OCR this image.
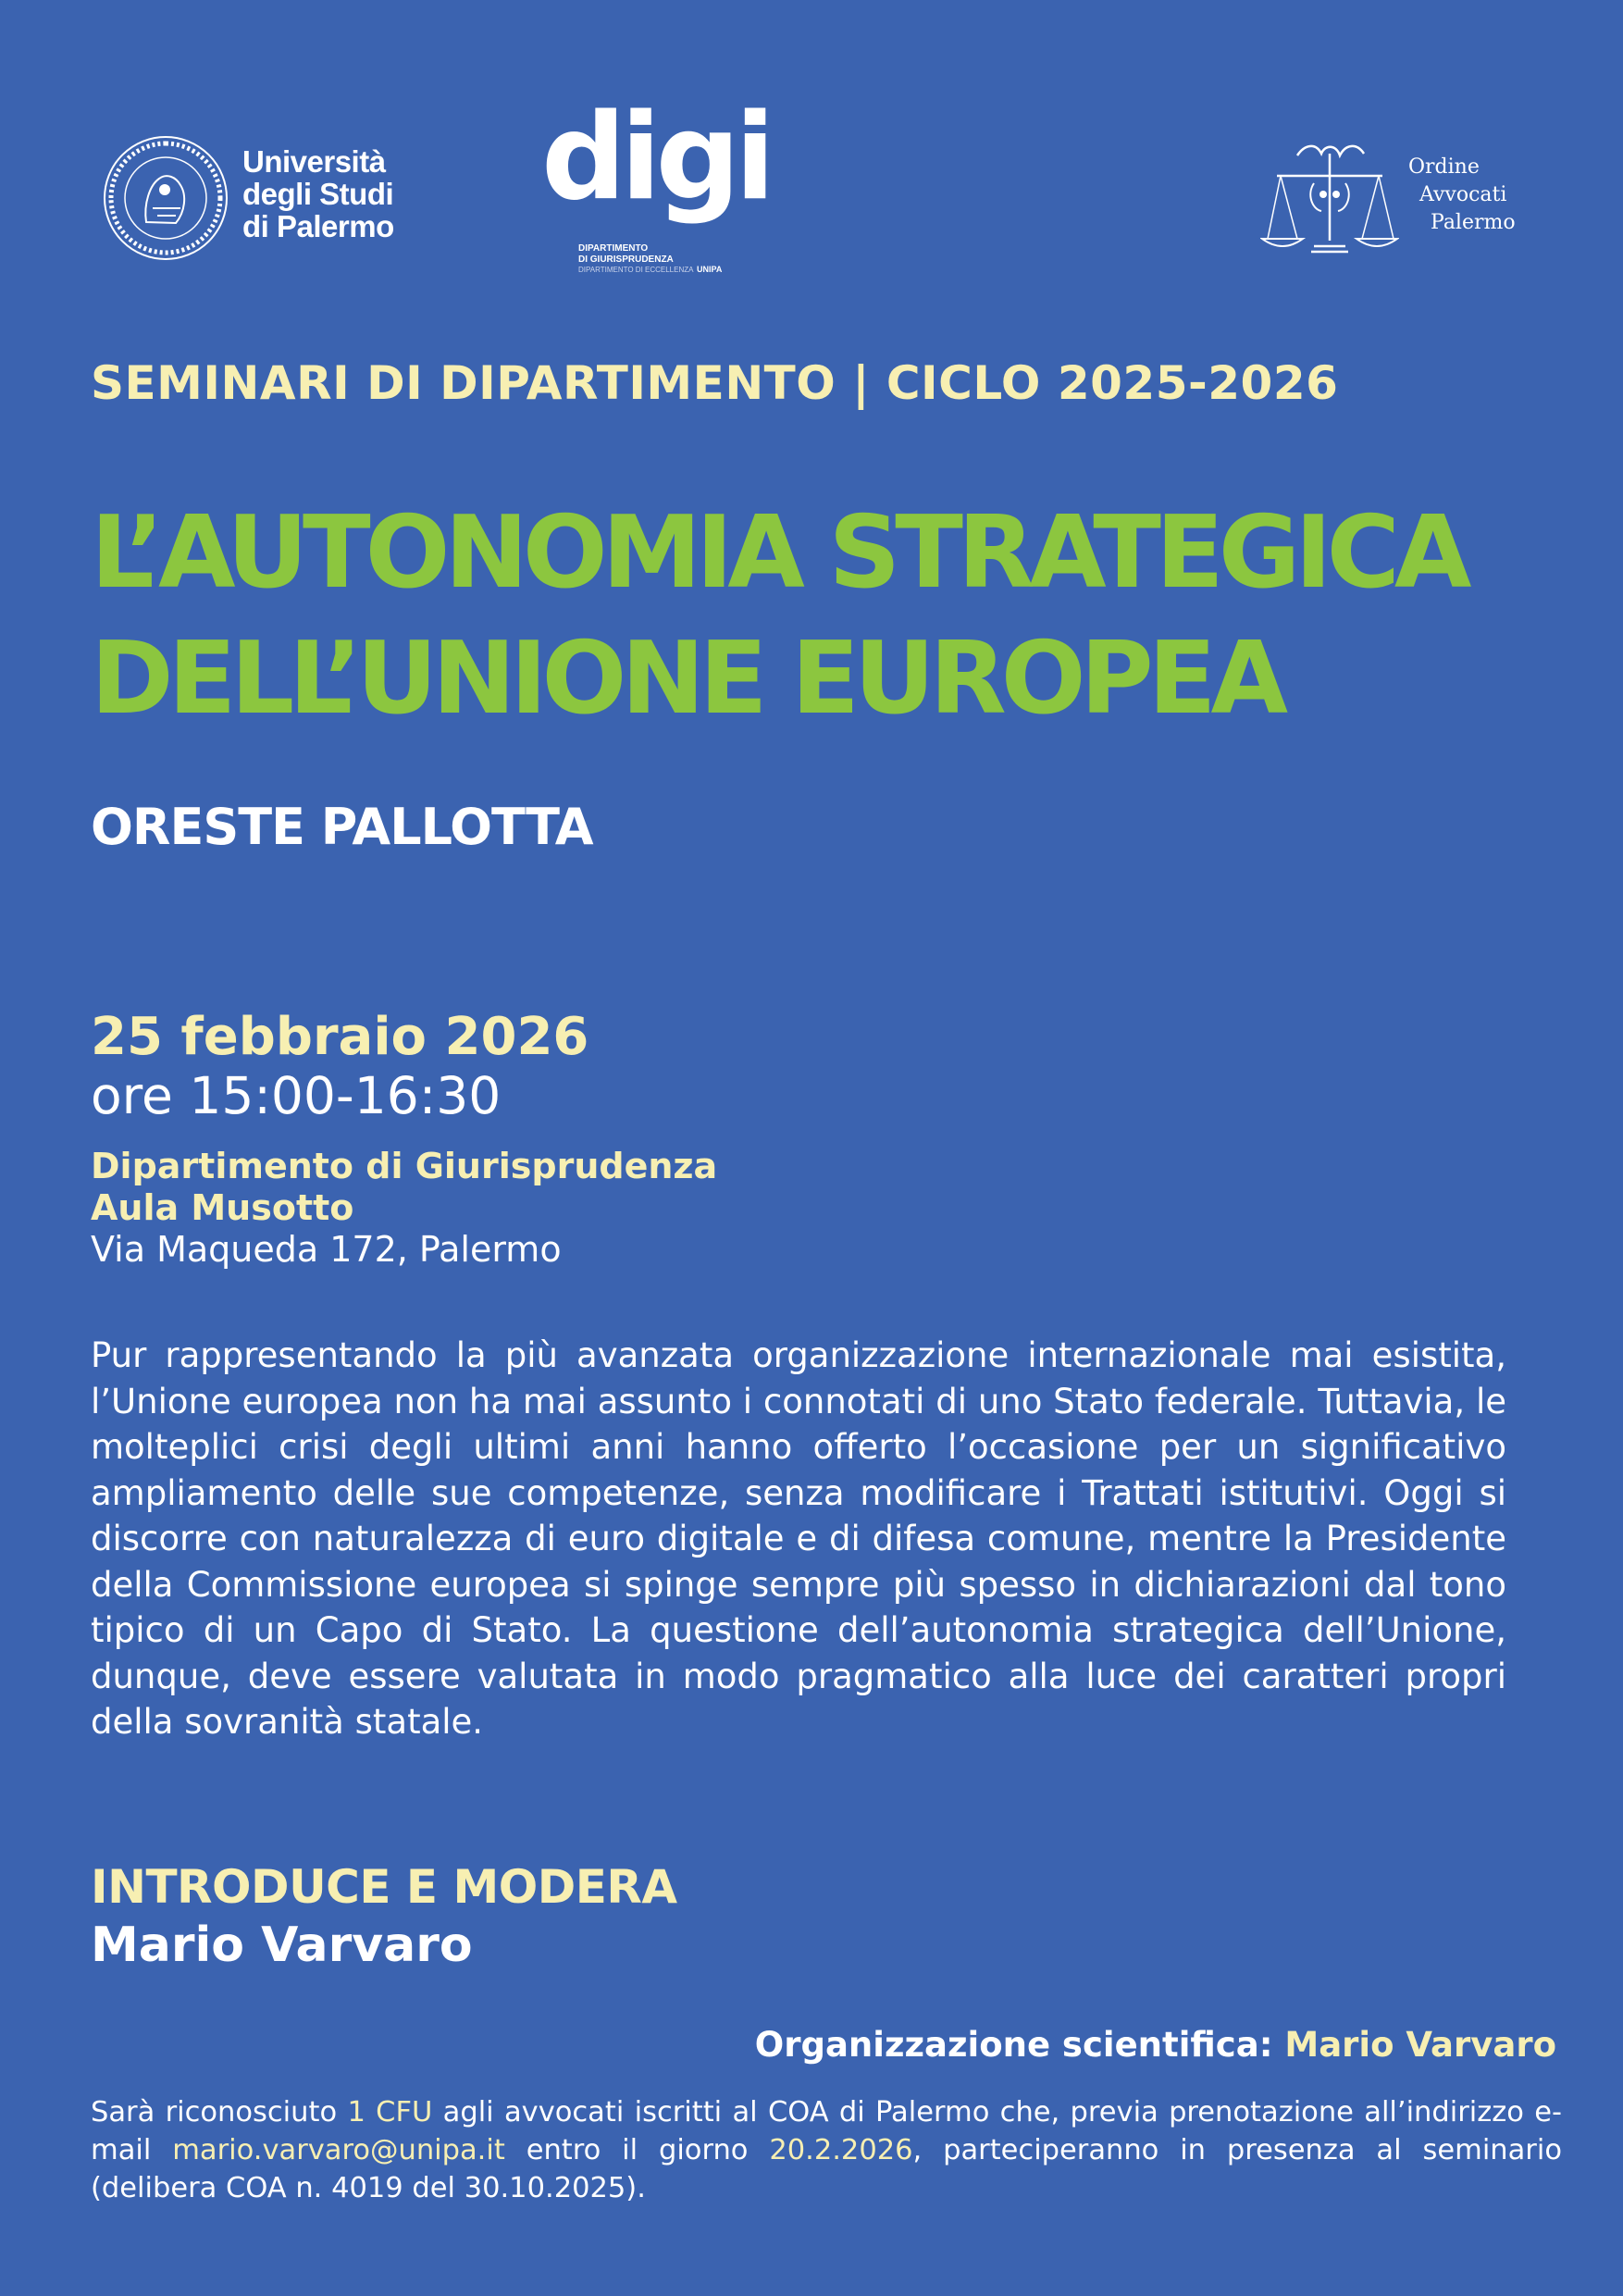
Università
degli Studi
di Palermo digi
DIPARTIMENTO
DI GIURISPRUDENZA
DIPARTIMENTO DI ECCELLENZA UNIPA
Ordine
Avvocati
Palermo
SEMINARI DI DIPARTIMENTO | CICLO 2025-2026
L’AUTONOMIA STRATEGICA
DELL’UNIONE EUROPEA
ORESTE PALLOTTA
25 febbraio 2026
ore 15:00-16:30
Dipartimento di Giurisprudenza
Aula Musotto
Via Maqueda 172, Palermo
Pur rappresentando la più avanzata organizzazione internazionale mai esistita, l’Unione europea non ha mai assunto i connotati di uno Stato federale. Tuttavia, le molteplici crisi degli ultimi anni hanno offerto l’occasione per un significativo ampliamento delle sue competenze, senza modificare i Trattati istitutivi. Oggi si discorre con naturalezza di euro digitale e di difesa comune, mentre la Presidente della Commissione europea si spinge sempre più spesso in dichiarazioni dal tono tipico di un Capo di Stato. La questione dell’autonomia strategica dell’Unione, dunque, deve essere valutata in modo pragmatico alla luce dei caratteri propri della sovranità statale.
INTRODUCE E MODERA
Mario Varvaro
Organizzazione scientifica: Mario Varvaro
Sarà riconosciuto 1 CFU agli avvocati iscritti al COA di Palermo che, previa prenotazione all’indirizzo e-mail mario.varvaro@unipa.it entro il giorno 20.2.2026, parteciperanno in presenza al seminario (delibera COA n. 4019 del 30.10.2025).
